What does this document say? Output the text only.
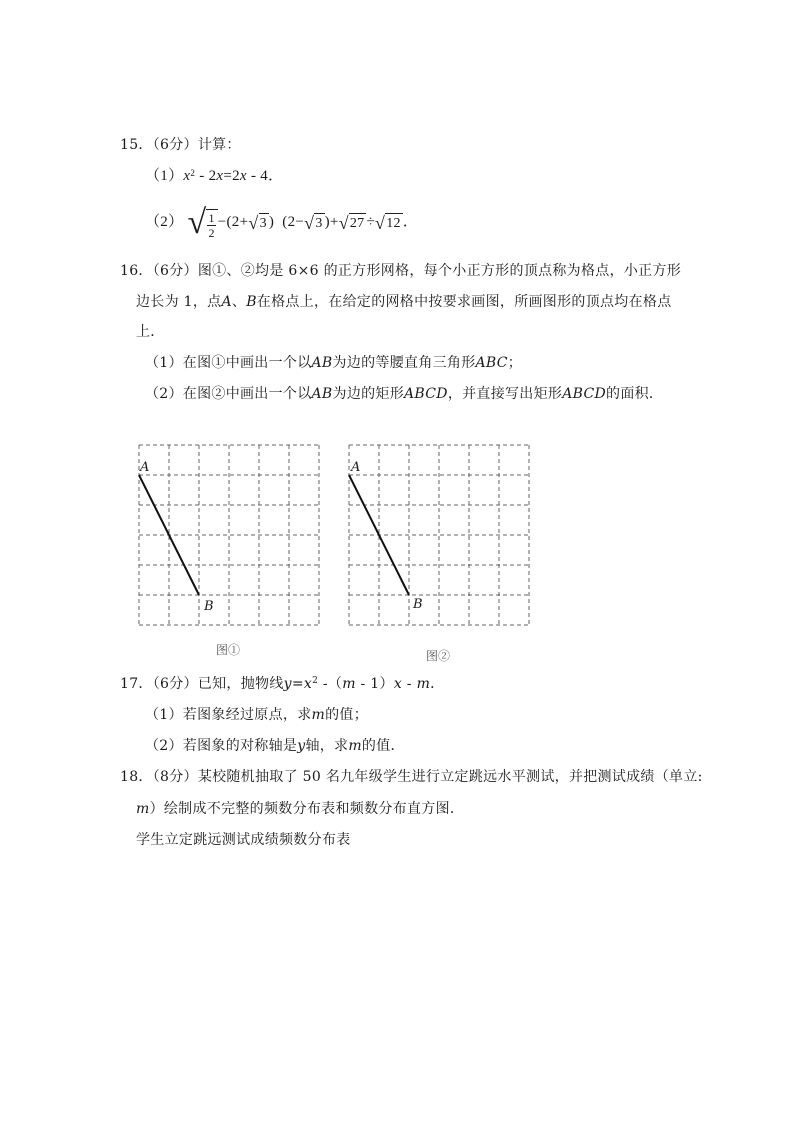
15．（6分）计算：
$(1)x^2 - 2x=2x - 4$．
（2） √ $\frac{1}{2} -(2+$ √ 3 )  (2− √ 3 )+ √ 27 ÷ √ 12 ．
16．（6分）图①、②均是 6×6 的正方形网格，每个小正方形的顶点称为格点，小正方形
边长为 1，点A、B在格点上，在给定的网格中按要求画图，所画图形的顶点均在格点
上．
（1）在图①中画出一个以AB为边的等腰直角三角形ABC；
（2）在图②中画出一个以AB为边的矩形ABCD，并直接写出矩形ABCD的面积．
A
B
图①
A
B
图②
17．（6分）已知，抛物线$y=x^2$ -（m - 1）x - m．
（1）若图象经过原点，求m的值；
（2）若图象的对称轴是y轴，求m的值．
18．（8分）某校随机抽取了 50 名九年级学生进行立定跳远水平测试，并把测试成绩（单立:
m）绘制成不完整的频数分布表和频数分布直方图．
学生立定跳远测试成绩频数分布表
